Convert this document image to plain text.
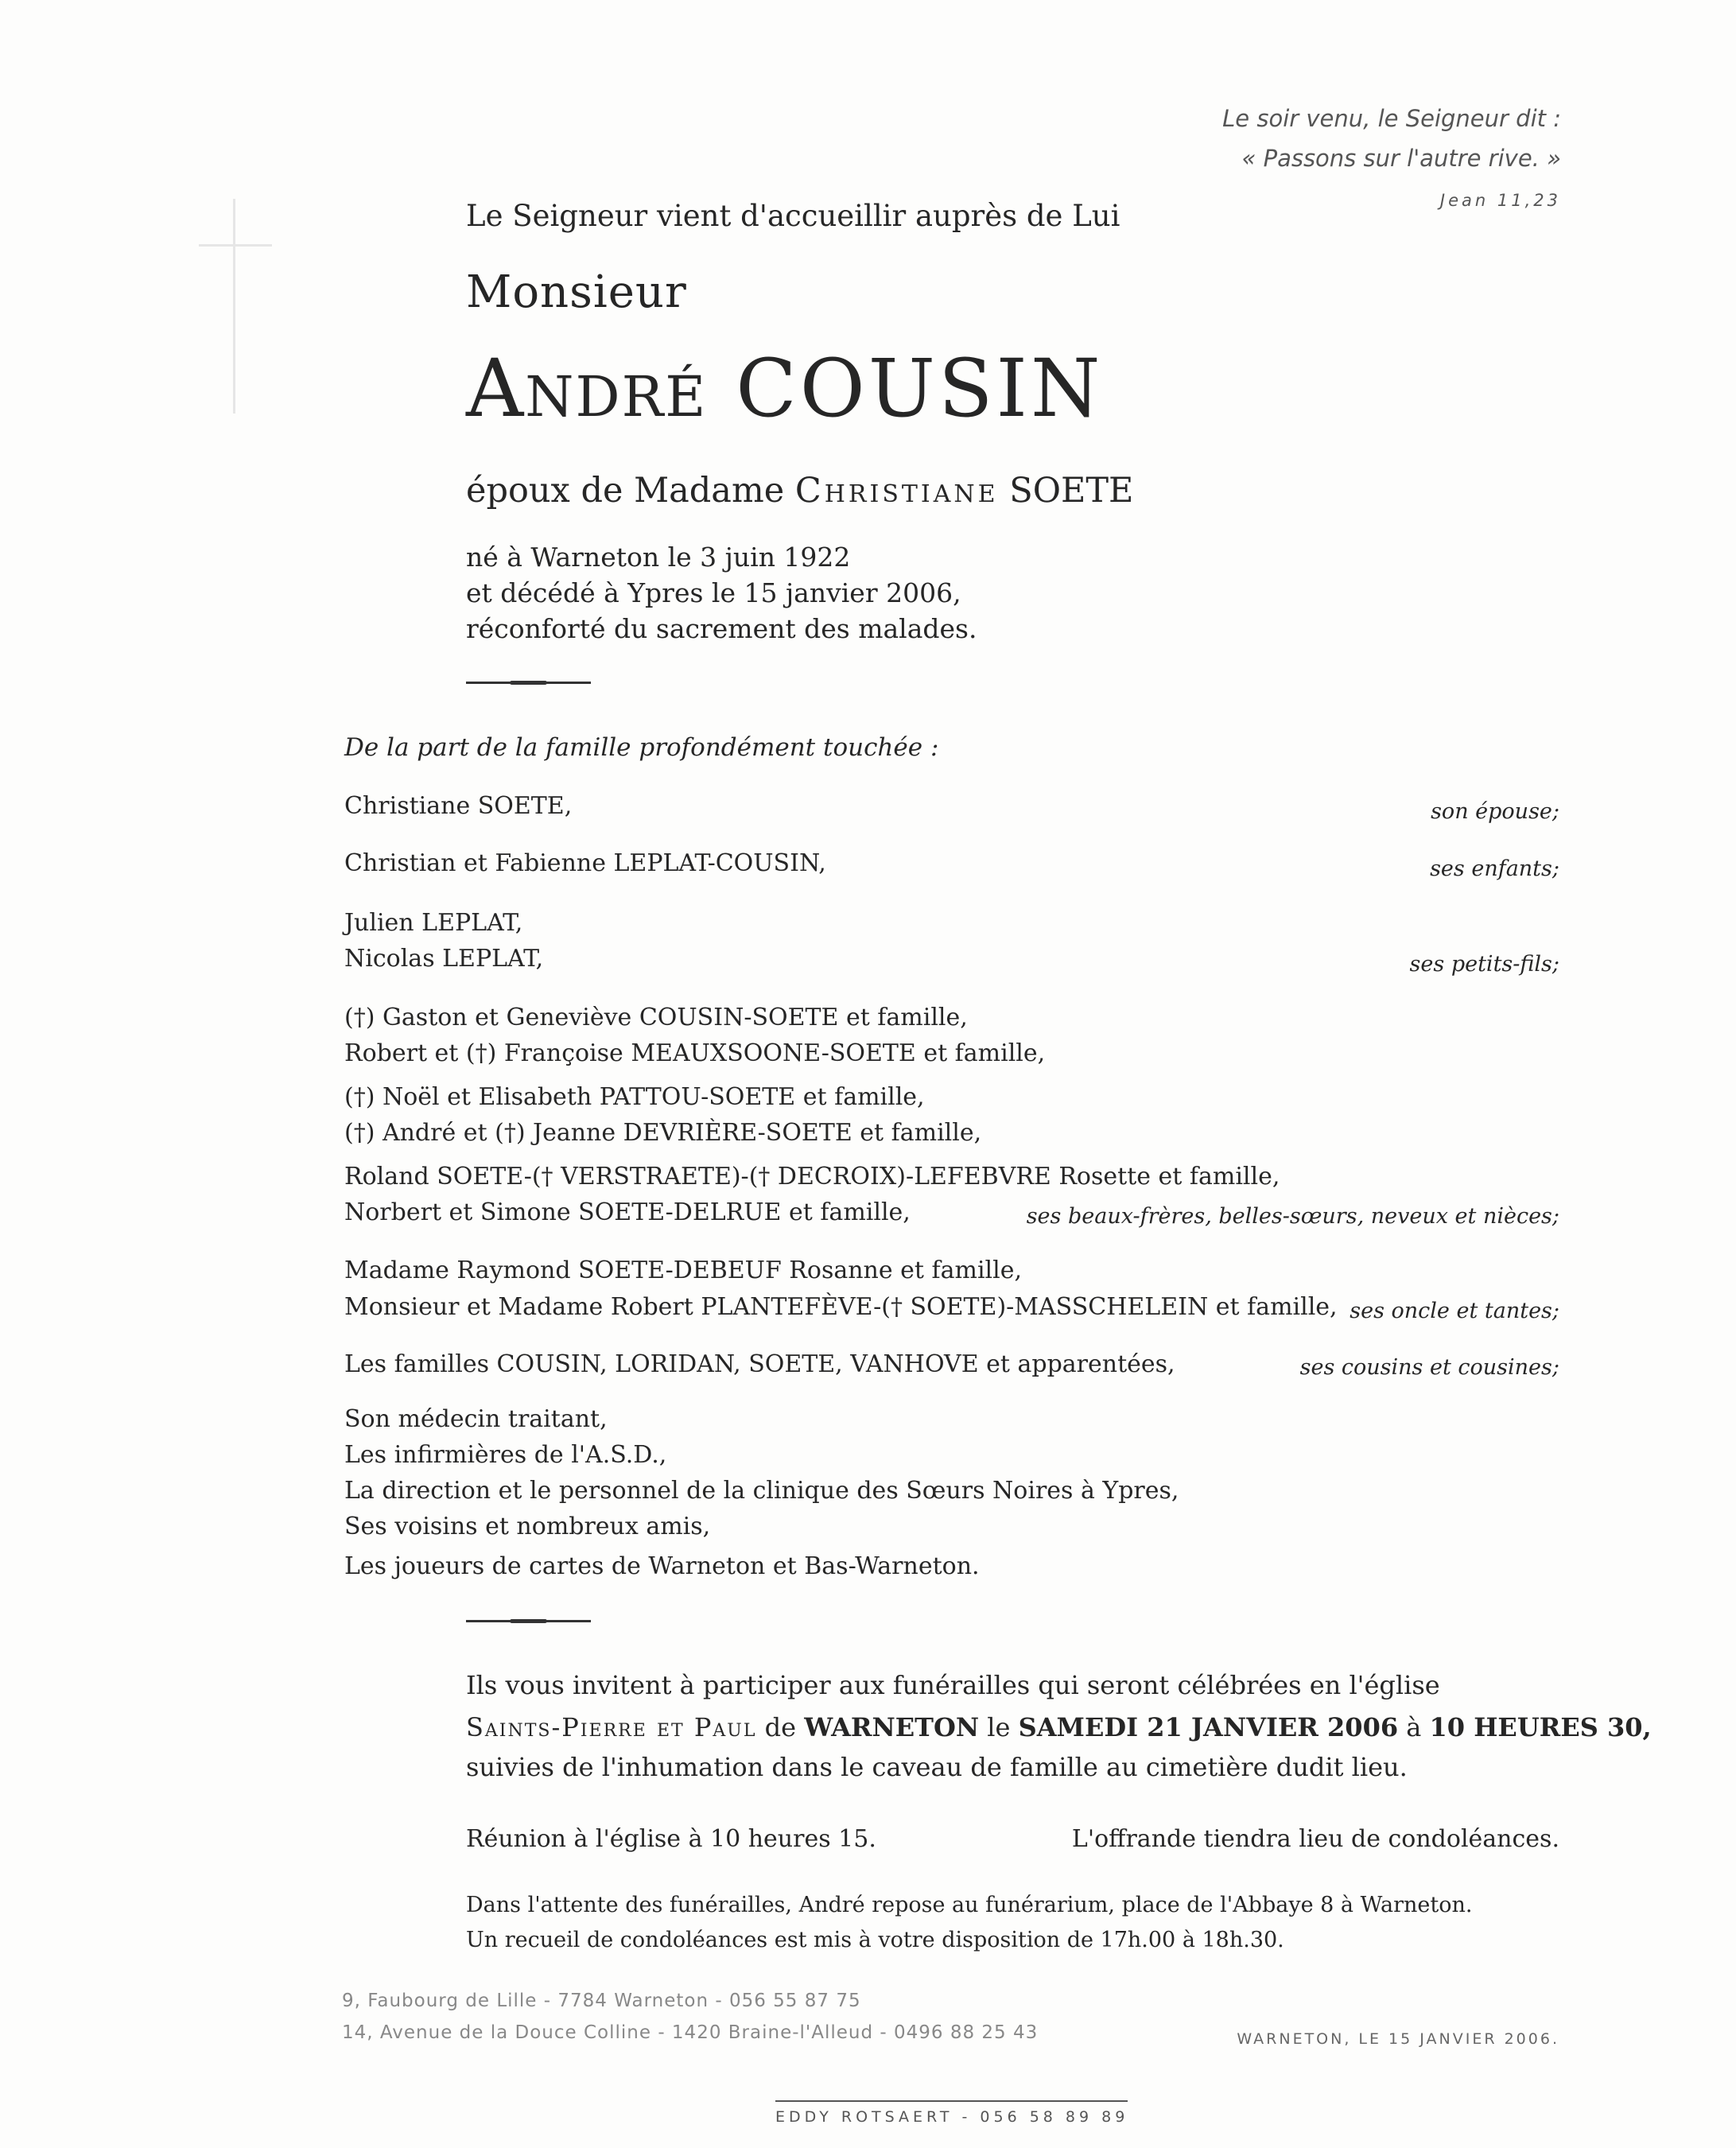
Le soir venu, le Seigneur dit :
« Passons sur l'autre rive. »
Jean 11,23
Le Seigneur vient d'accueillir auprès de Lui
Monsieur
André COUSIN
époux de Madame Christiane SOETE
né à Warneton le 3 juin 1922
et décédé à Ypres le 15 janvier 2006,
réconforté du sacrement des malades.
De la part de la famille profondément touchée :
Christiane SOETE,
Christian et Fabienne LEPLAT-COUSIN,
Julien LEPLAT,
Nicolas LEPLAT,
(†) Gaston et Geneviève COUSIN-SOETE et famille,
Robert et (†) Françoise MEAUXSOONE-SOETE et famille,
(†) Noël et Elisabeth PATTOU-SOETE et famille,
(†) André et (†) Jeanne DEVRIÈRE-SOETE et famille,
Roland SOETE-(† VERSTRAETE)-(† DECROIX)-LEFEBVRE Rosette et famille,
Norbert et Simone SOETE-DELRUE et famille,
Madame Raymond SOETE-DEBEUF Rosanne et famille,
Monsieur et Madame Robert PLANTEFÈVE-(† SOETE)-MASSCHELEIN et famille,
Les familles COUSIN, LORIDAN, SOETE, VANHOVE et apparentées,
Son médecin traitant,
Les infirmières de l'A.S.D.,
La direction et le personnel de la clinique des Sœurs Noires à Ypres,
Ses voisins et nombreux amis,
Les joueurs de cartes de Warneton et Bas-Warneton.
son épouse;
ses enfants;
ses petits-fils;
ses beaux-frères, belles-sœurs, neveux et nièces;
ses oncle et tantes;
ses cousins et cousines;
Ils vous invitent à participer aux funérailles qui seront célébrées en l'église
Saints-Pierre et Paul de WARNETON le SAMEDI 21 JANVIER 2006 à 10 HEURES 30,
suivies de l'inhumation dans le caveau de famille au cimetière dudit lieu.
Réunion à l'église à 10 heures 15.	L'offrande tiendra lieu de condoléances.
Dans l'attente des funérailles, André repose au funérarium, place de l'Abbaye 8 à Warneton.
Un recueil de condoléances est mis à votre disposition de 17h.00 à 18h.30.
9, Faubourg de Lille - 7784 Warneton - 056 55 87 75
14, Avenue de la Douce Colline - 1420 Braine-l'Alleud - 0496 88 25 43	WARNETON, LE 15 JANVIER 2006.
EDDY ROTSAERT - 056 58 89 89
